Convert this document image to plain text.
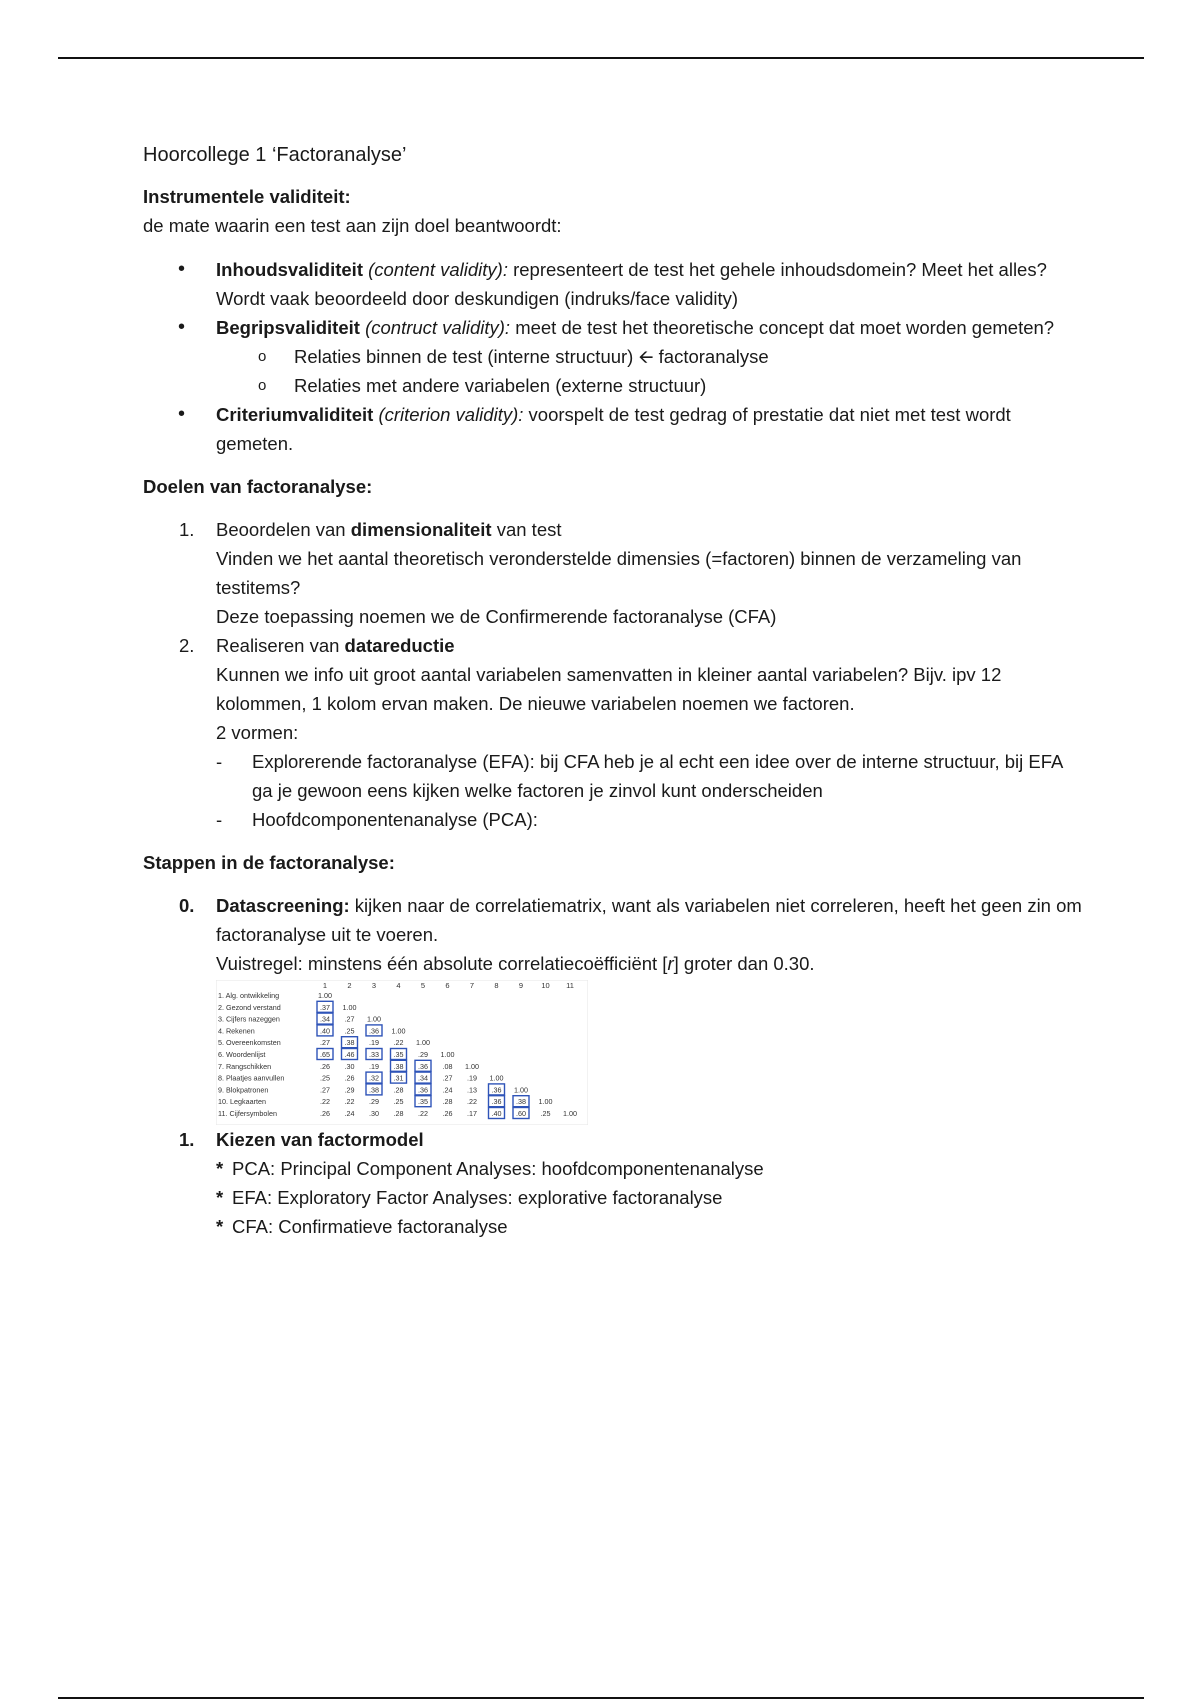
Hoorcollege 1 ‘Factoranalyse’

Instrumentele validiteit:

de mate waarin een test aan zijn doel beantwoordt:

• Inhoudsvaliditeit (content validity): representeert de test het gehele inhoudsdomein? Meet het alles? Wordt vaak beoordeeld door deskundigen (indruks/face validity)
• Begripsvaliditeit (contruct validity): meet de test het theoretische concept dat moet worden gemeten?
o Relaties binnen de test (interne structuur) 🡨 factoranalyse
o Relaties met andere variabelen (externe structuur)
• Criteriumvaliditeit (criterion validity): voorspelt de test gedrag of prestatie dat niet met test wordt gemeten.

Doelen van factoranalyse:

1. Beoordelen van dimensionaliteit van test

Vinden we het aantal theoretisch veronderstelde dimensies (=factoren) binnen de verzameling van testitems?

Deze toepassing noemen we de Confirmerende factoranalyse (CFA)

2. Realiseren van datareductie

Kunnen we info uit groot aantal variabelen samenvatten in kleiner aantal variabelen? Bijv. ipv 12 kolommen, 1 kolom ervan maken. De nieuwe variabelen noemen we factoren.

2 vormen:

- Explorerende factoranalyse (EFA): bij CFA heb je al echt een idee over de interne structuur, bij EFA ga je gewoon eens kijken welke factoren je zinvol kunt onderscheiden
- Hoofdcomponentenanalyse (PCA):

Stappen in de factoranalyse:

0. Datascreening: kijken naar de correlatiematrix, want als variabelen niet correleren, heeft het geen zin om factoranalyse uit te voeren.

Vuistregel: minstens één absolute correlatiecoëfficiënt [r] groter dan 0.30.

1	2	3	4	5	6	7	8	9 10 11
1. Alg. ontwikkeling	1.00
2. Gezond verstand	.37 1.00
3. Cijfers nazeggen	.34 .27 1.00
4. Rekenen	.40 .25 .36 1.00
5. Overeenkomsten	.27 .38 .19 .22 1.00
6. Woordenlijst	.65 .46 .33 .35 .29 1.00
7. Rangschikken	.26 .30 .19 .38 .36 .08 1.00
8. Plaatjes aanvullen	.25 .26 .32 .31 .34 .27 .19 1.00
9. Blokpatronen	.27 .29 .38 .28 .36 .24 .13 .36 1.00
10. Legkaarten	.22 .22 .29 .25 .35 .28 .22 .36 .38 1.00
11. Cijfersymbolen	.26 .24 .30 .28 .22 .26 .17 .40 .60 .25 1.00
1. Kiezen van factormodel

* PCA: Principal Component Analyses: hoofdcomponentenanalyse

* EFA: Exploratory Factor Analyses: explorative factoranalyse

* CFA: Confirmatieve factoranalyse
